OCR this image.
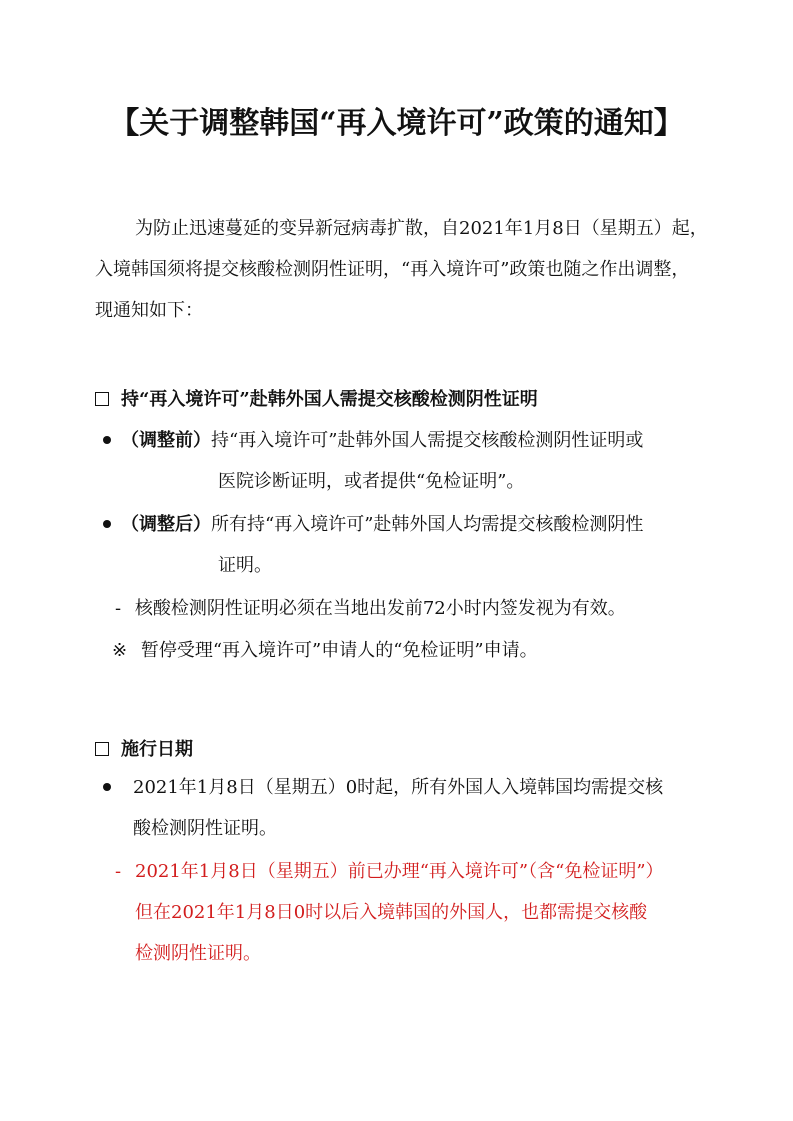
【关于调整韩国“再入境许可”政策的通知】
为防止迅速蔓延的变异新冠病毒扩散，自2021年1月8日（星期五）起，
入境韩国须将提交核酸检测阴性证明，“再入境许可”政策也随之作出调整，
现通知如下：
持“再入境许可”赴韩外国人需提交核酸检测阴性证明
（调整前）持“再入境许可”赴韩外国人需提交核酸检测阴性证明或
医院诊断证明，或者提供“免检证明”。
（调整后）所有持“再入境许可”赴韩外国人均需提交核酸检测阴性
证明。
- 核酸检测阴性证明必须在当地出发前72小时内签发视为有效。
※ 暂停受理“再入境许可”申请人的“免检证明”申请。
施行日期
2021年1月8日（星期五）0时起，所有外国人入境韩国均需提交核
酸检测阴性证明。
- 2021年1月8日（星期五）前已办理“再入境许可”（含“免检证明”）
但在2021年1月8日0时以后入境韩国的外国人，也都需提交核酸
检测阴性证明。
